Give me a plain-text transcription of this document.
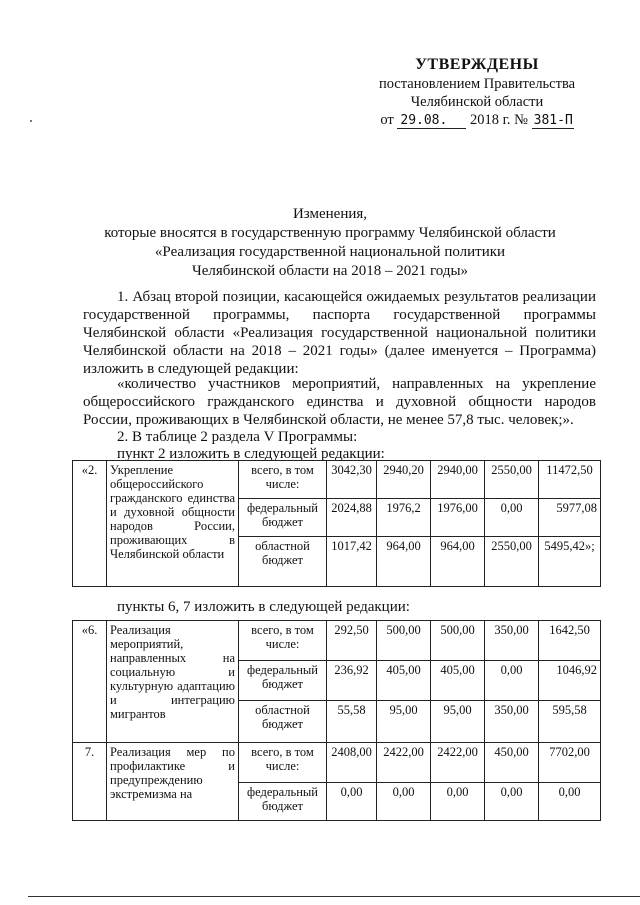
УТВЕРЖДЕНЫ
постановлением Правительства
Челябинской области
от 29.08. 2018 г. № 381-П
Изменения,
которые вносятся в государственную программу Челябинской области
«Реализация государственной национальной политики
Челябинской области на 2018 – 2021 годы»
1. Абзац второй позиции, касающейся ожидаемых результатов реализации государственной программы, паспорта государственной программы Челябинской области «Реализация государственной национальной политики Челябинской области на 2018 – 2021 годы» (далее именуется – Программа) изложить в следующей редакции:
«количество участников мероприятий, направленных на укрепление общероссийского гражданского единства и духовной общности народов России, проживающих в Челябинской области, не менее 57,8 тыс. человек;».
2. В таблице 2 раздела V Программы:
пункт 2 изложить в следующей редакции:
«2.	Укрепление общероссийского гражданского единства и духовной общности народов России, проживающих в Челябинской области	всего, в том числе:	3042,30	2940,20	2940,00	2550,00	11472,50
		федеральный бюджет	2024,88	1976,2	1976,00	0,00	5977,08
		областной бюджет	1017,42	964,00	964,00	2550,00	5495,42»;
пункты 6, 7 изложить в следующей редакции:
«6.	Реализация мероприятий, направленных на социальную и культурную адаптацию и интеграцию мигрантов	всего, в том числе:	292,50	500,00	500,00	350,00	1642,50
		федеральный бюджет	236,92	405,00	405,00	0,00	1046,92
		областной бюджет	55,58	95,00	95,00	350,00	595,58
7.	Реализация мер по профилактике и предупреждению экстремизма на	всего, в том числе:	2408,00	2422,00	2422,00	450,00	7702,00
		федеральный бюджет	0,00	0,00	0,00	0,00	0,00
